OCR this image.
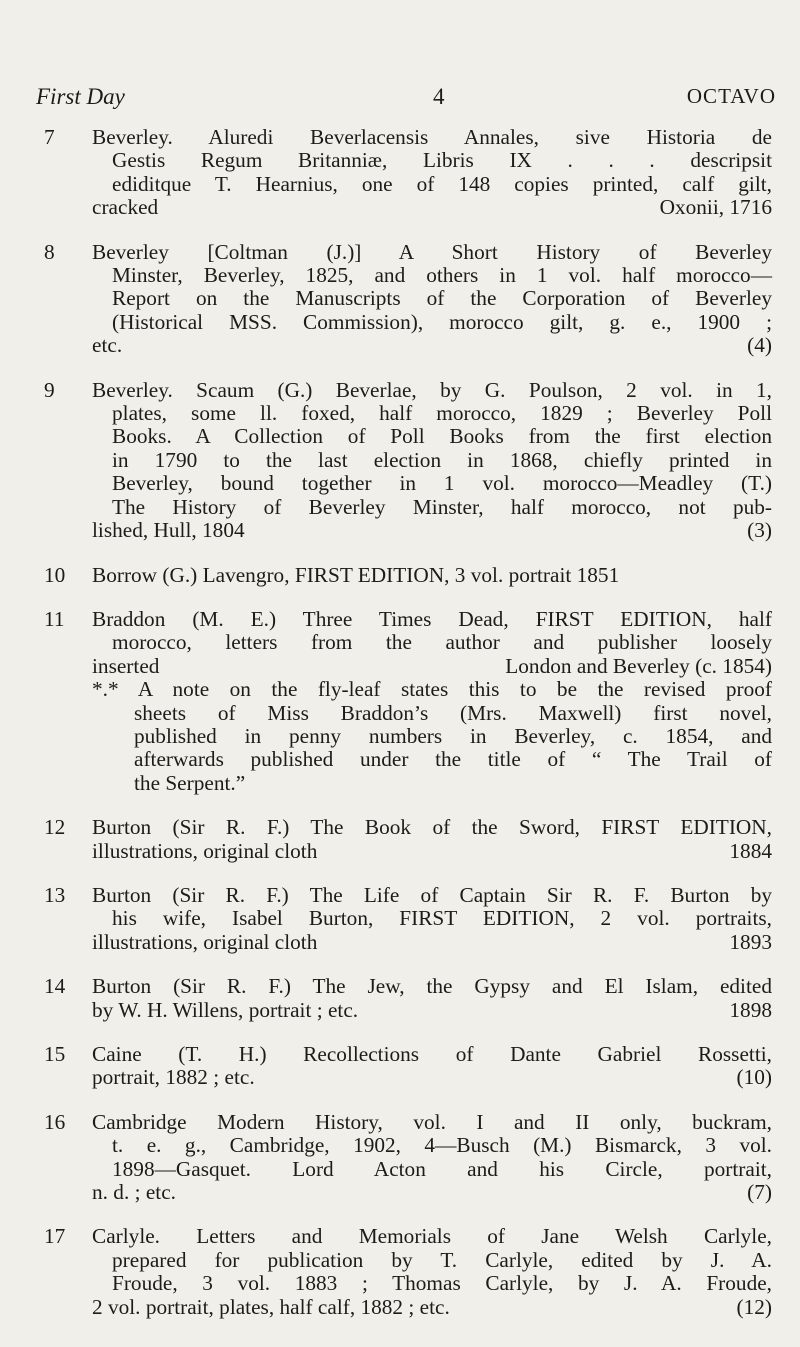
First Day	4	OCTAVO
7	Beverley. Aluredi Beverlacensis Annales, sive Historia de
Gestis Regum Britanniæ, Libris IX . . . descripsit
ediditque T. Hearnius, one of 148 copies printed, calf gilt,
cracked	Oxonii, 1716
8	Beverley [Coltman (J.)] A Short History of Beverley
Minster, Beverley, 1825, and others in 1 vol. half morocco—
Report on the Manuscripts of the Corporation of Beverley
(Historical MSS. Commission), morocco gilt, g. e., 1900 ;
etc.	(4)
9	Beverley. Scaum (G.) Beverlae, by G. Poulson, 2 vol. in 1,
plates, some ll. foxed, half morocco, 1829 ; Beverley Poll
Books. A Collection of Poll Books from the first election
in 1790 to the last election in 1868, chiefly printed in
Beverley, bound together in 1 vol. morocco—Meadley (T.)
The History of Beverley Minster, half morocco, not pub-
lished, Hull, 1804	(3)
10	Borrow (G.) Lavengro, FIRST EDITION, 3 vol. portrait 1851
11	Braddon (M. E.) Three Times Dead, FIRST EDITION, half
morocco, letters from the author and publisher loosely
inserted	London and Beverley (c. 1854)
*.* A note on the fly-leaf states this to be the revised proof
sheets of Miss Braddon’s (Mrs. Maxwell) first novel,
published in penny numbers in Beverley, c. 1854, and
afterwards published under the title of “ The Trail of
the Serpent.”
12	Burton (Sir R. F.) The Book of the Sword, FIRST EDITION,
illustrations, original cloth	1884
13	Burton (Sir R. F.) The Life of Captain Sir R. F. Burton by
his wife, Isabel Burton, FIRST EDITION, 2 vol. portraits,
illustrations, original cloth	1893
14	Burton (Sir R. F.) The Jew, the Gypsy and El Islam, edited
by W. H. Willens, portrait ; etc.	1898
15	Caine (T. H.) Recollections of Dante Gabriel Rossetti,
portrait, 1882 ; etc.	(10)
16	Cambridge Modern History, vol. I and II only, buckram,
t. e. g., Cambridge, 1902, 4—Busch (M.) Bismarck, 3 vol.
1898—Gasquet. Lord Acton and his Circle, portrait,
n. d. ; etc.	(7)
17	Carlyle. Letters and Memorials of Jane Welsh Carlyle,
prepared for publication by T. Carlyle, edited by J. A.
Froude, 3 vol. 1883 ; Thomas Carlyle, by J. A. Froude,
2 vol. portrait, plates, half calf, 1882 ; etc.	(12)
